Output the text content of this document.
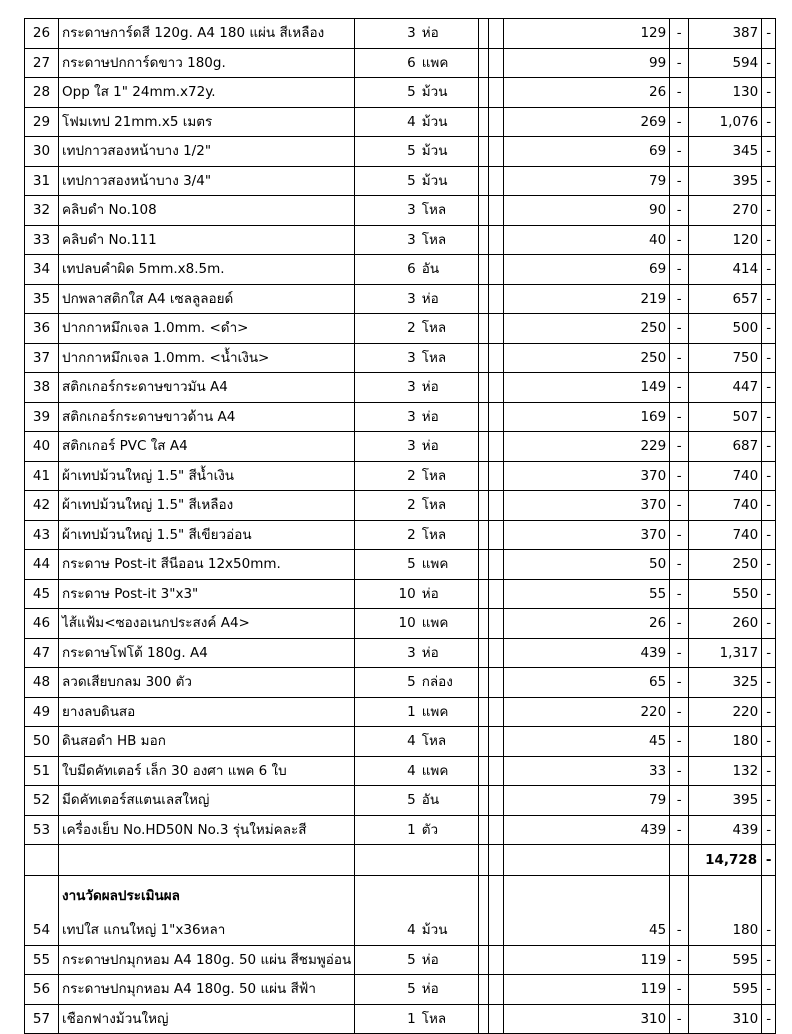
26	กระดาษการ์ดสี 120g. A4 180 แผ่น สีเหลือง	3	ห่อ			129	-	387	-
27	กระดาษปกการ์ดขาว 180g.	6	แพค			99	-	594	-
28	Opp ใส 1" 24mm.x72y.	5	ม้วน			26	-	130	-
29	โฟมเทป 21mm.x5 เมตร	4	ม้วน			269	-	1,076	-
30	เทปกาวสองหน้าบาง 1/2"	5	ม้วน			69	-	345	-
31	เทปกาวสองหน้าบาง 3/4"	5	ม้วน			79	-	395	-
32	คลิบดำ No.108	3	โหล			90	-	270	-
33	คลิบดำ No.111	3	โหล			40	-	120	-
34	เทปลบคำผิด 5mm.x8.5m.	6	อัน			69	-	414	-
35	ปกพลาสติกใส A4 เซลลูลอยด์	3	ห่อ			219	-	657	-
36	ปากกาหมึกเจล 1.0mm. <ดำ>	2	โหล			250	-	500	-
37	ปากกาหมึกเจล 1.0mm. <น้ำเงิน>	3	โหล			250	-	750	-
38	สติกเกอร์กระดาษขาวมัน A4	3	ห่อ			149	-	447	-
39	สติกเกอร์กระดาษขาวด้าน A4	3	ห่อ			169	-	507	-
40	สติกเกอร์ PVC ใส A4	3	ห่อ			229	-	687	-
41	ผ้าเทปม้วนใหญ่ 1.5" สีน้ำเงิน	2	โหล			370	-	740	-
42	ผ้าเทปม้วนใหญ่ 1.5" สีเหลือง	2	โหล			370	-	740	-
43	ผ้าเทปม้วนใหญ่ 1.5" สีเขียวอ่อน	2	โหล			370	-	740	-
44	กระดาษ Post-it สีนีออน 12x50mm.	5	แพค			50	-	250	-
45	กระดาษ Post-it 3"x3"	10	ห่อ			55	-	550	-
46	ไส้แฟ้ม<ซองอเนกประสงค์ A4>	10	แพค			26	-	260	-
47	กระดาษโฟโต้ 180g. A4	3	ห่อ			439	-	1,317	-
48	ลวดเสียบกลม 300 ตัว	5	กล่อง			65	-	325	-
49	ยางลบดินสอ	1	แพค			220	-	220	-
50	ดินสอดำ HB มอก	4	โหล			45	-	180	-
51	ใบมีดคัทเตอร์ เล็ก 30 องศา แพค 6 ใบ	4	แพค			33	-	132	-
52	มีดคัทเตอร์สแตนเลสใหญ่	5	อัน			79	-	395	-
53	เครื่องเย็บ No.HD50N No.3 รุ่นใหม่คละสี	1	ตัว			439	-	439	-
								14,728	-
	งานวัดผลประเมินผล								
54	เทปใส แกนใหญ่ 1"x36หลา	4	ม้วน			45	-	180	-
55	กระดาษปกมุกหอม A4 180g. 50 แผ่น สีชมพูอ่อน	5	ห่อ			119	-	595	-
56	กระดาษปกมุกหอม A4 180g. 50 แผ่น สีฟ้า	5	ห่อ			119	-	595	-
57	เชือกฟางม้วนใหญ่	1	โหล			310	-	310	-
